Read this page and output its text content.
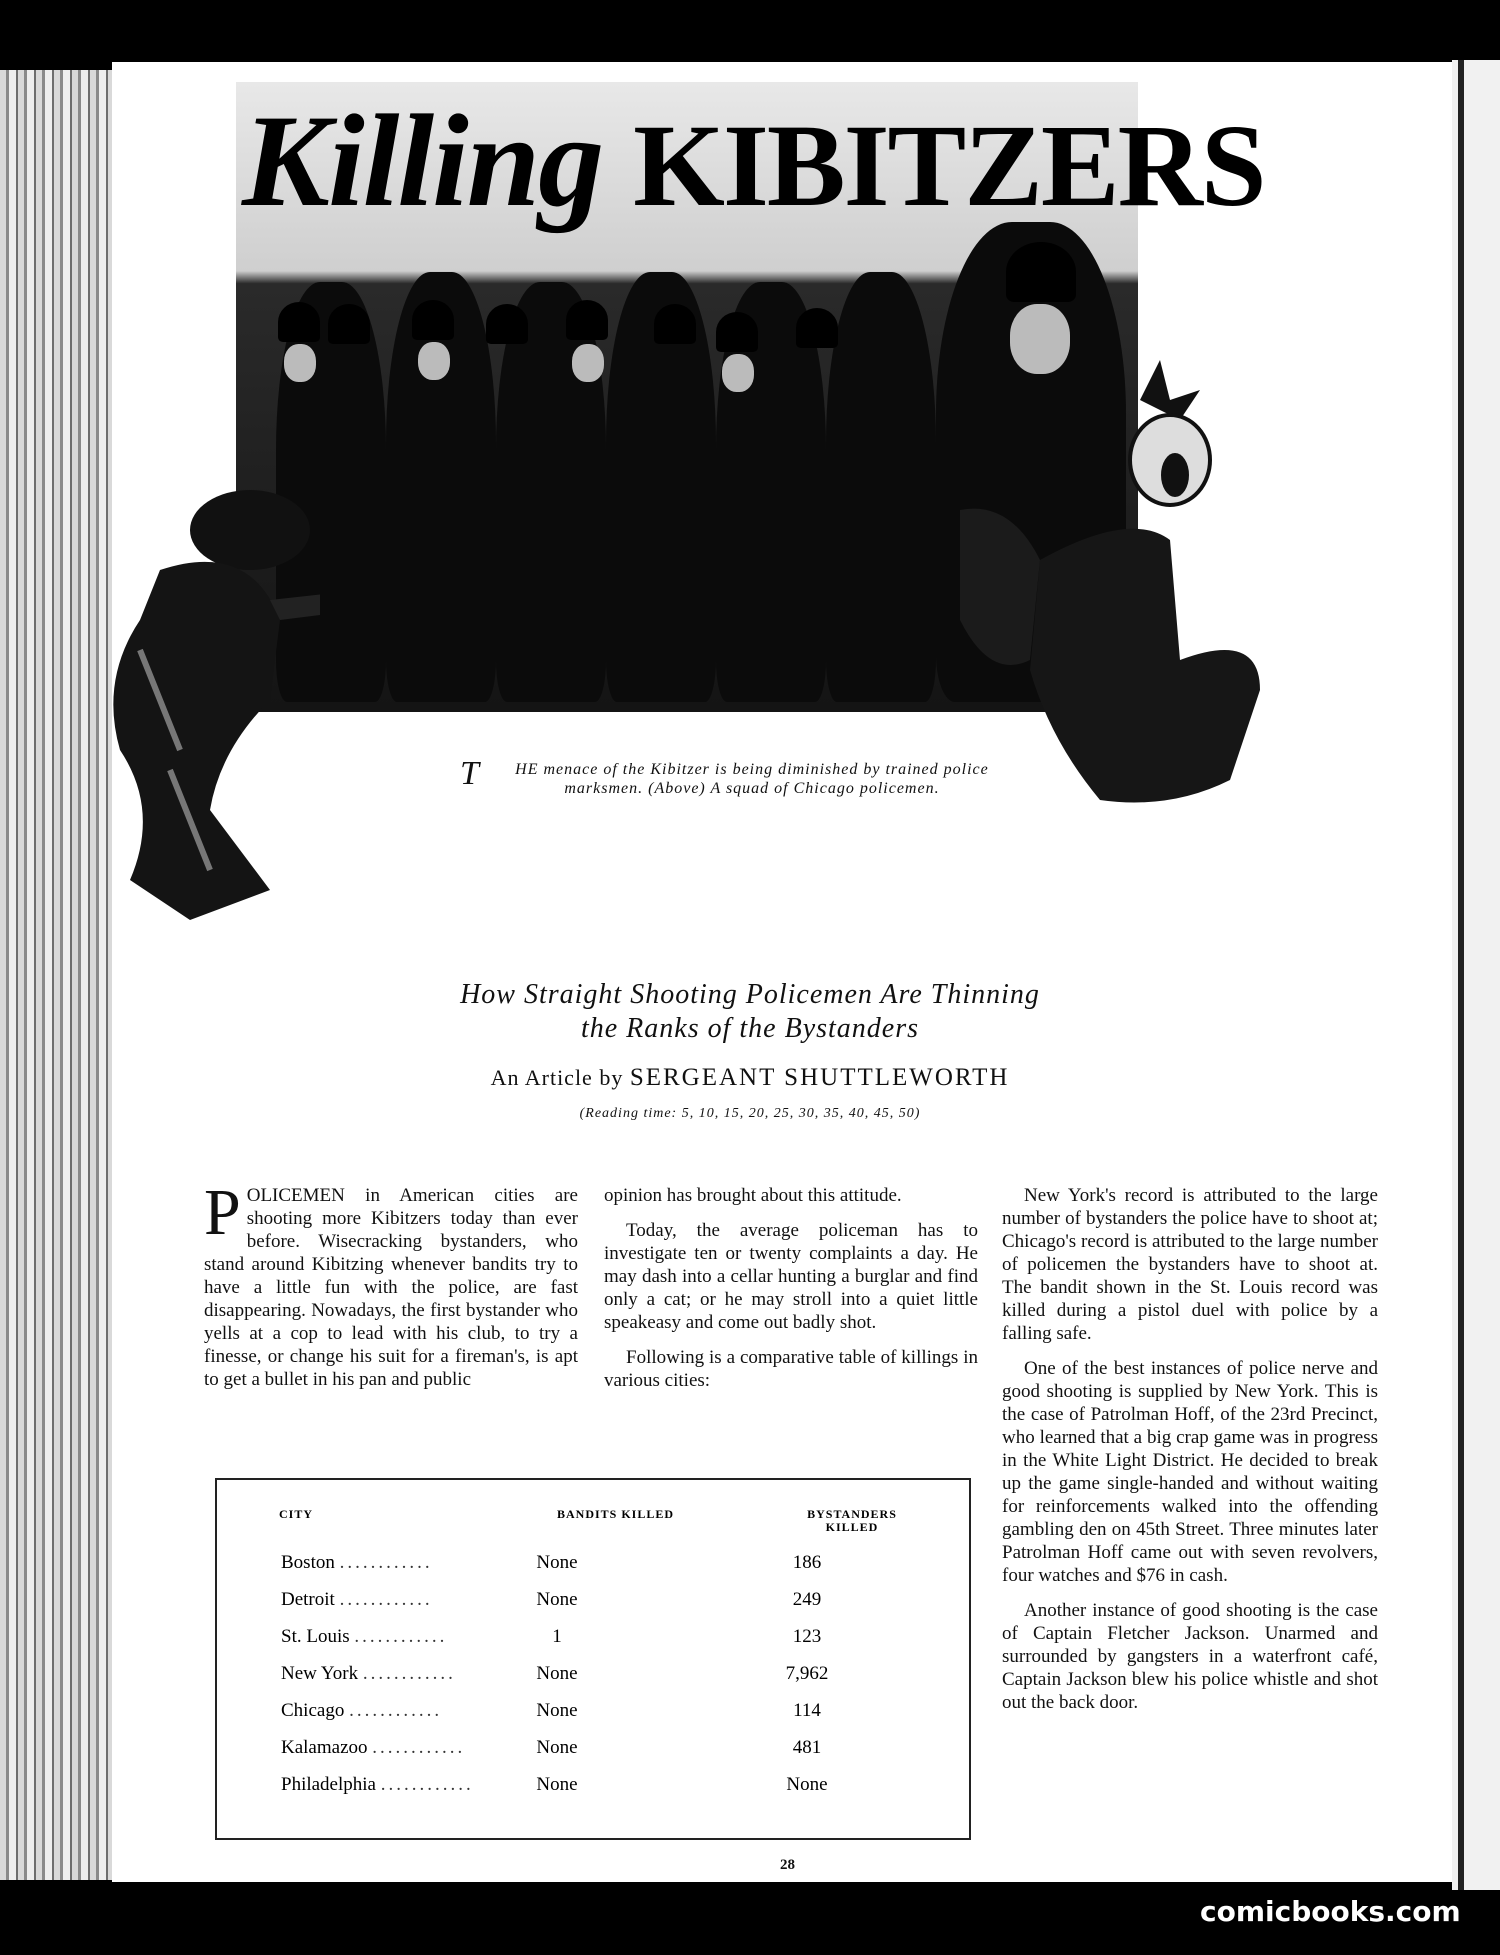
Killing KIBITZERS
T HE menace of the Kibitzer is being diminished by trained police marksmen. (Above) A squad of Chicago policemen.
How Straight Shooting Policemen Are Thinning
the Ranks of the Bystanders
An Article by SERGEANT SHUTTLEWORTH
(Reading time: 5, 10, 15, 20, 25, 30, 35, 40, 45, 50)

POLICEMEN in American cities are shooting more Kibitzers today than ever before. Wisecracking bystanders, who stand around Kibitzing whenever bandits try to have a little fun with the police, are fast disappearing. Nowadays, the first bystander who yells at a cop to lead with his club, to try a finesse, or change his suit for a fireman's, is apt to get a bullet in his pan and public

opinion has brought about this attitude.

Today, the average policeman has to investigate ten or twenty complaints a day. He may dash into a cellar hunting a burglar and find only a cat; or he may stroll into a quiet little speakeasy and come out badly shot.

Following is a comparative table of killings in various cities:

New York's record is attributed to the large number of bystanders the police have to shoot at; Chicago's record is attributed to the large number of policemen the bystanders have to shoot at. The bandit shown in the St. Louis record was killed during a pistol duel with police by a falling safe.

One of the best instances of police nerve and good shooting is supplied by New York. This is the case of Patrolman Hoff, of the 23rd Precinct, who learned that a big crap game was in progress in the White Light District. He decided to break up the game single-handed and without waiting for reinforcements walked into the offending gambling den on 45th Street. Three minutes later Patrolman Hoff came out with seven revolvers, four watches and $76 in cash.

Another instance of good shooting is the case of Captain Fletcher Jackson. Unarmed and surrounded by gangsters in a waterfront café, Captain Jackson blew his police whistle and shot out the back door.

CITY	BANDITS KILLED	BYSTANDERS
KILLED
Boston ............	None	186
Detroit ............	None	249
St. Louis ............	1	123
New York ............	None	7,962
Chicago ............	None	114
Kalamazoo ............	None	481
Philadelphia ............	None	None
28
comicbooks.com
